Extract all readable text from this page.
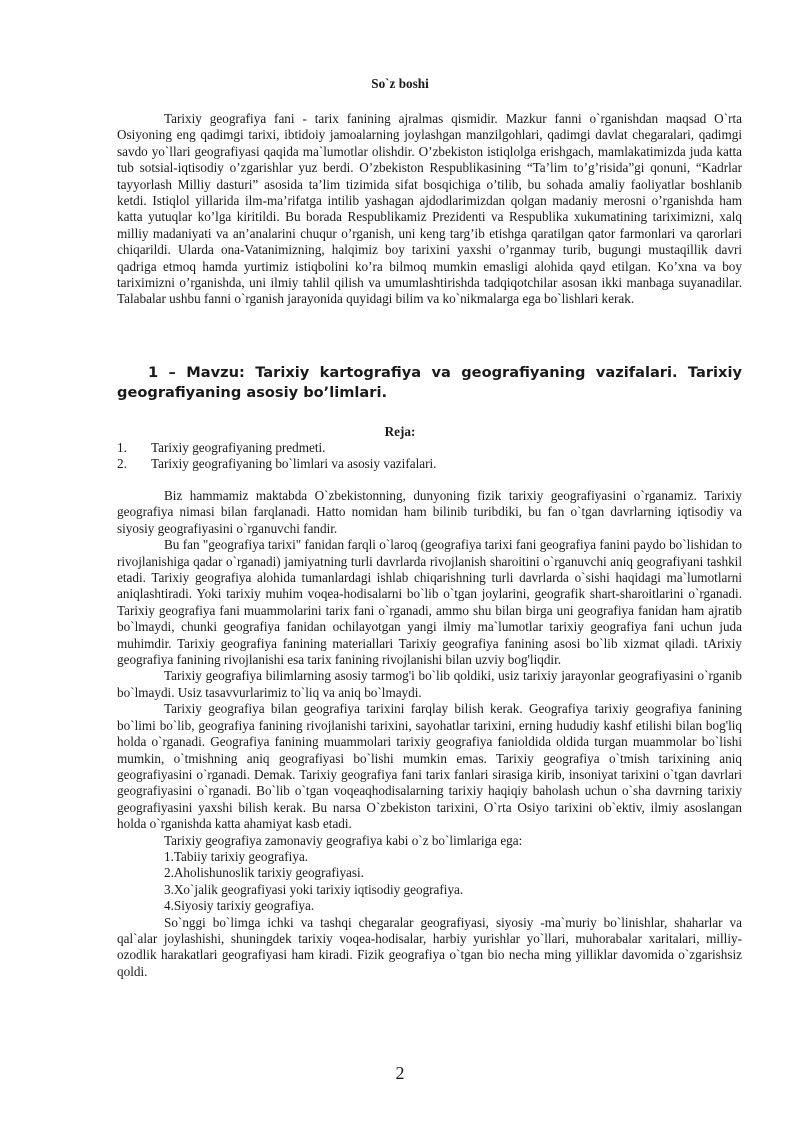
So`z boshi

Tarixiy geografiya fani - tarix fanining ajralmas qismidir. Mazkur fanni o`rganishdan maqsad O`rta Osiyoning eng qadimgi tarixi, ibtidoiy jamoalarning joylashgan manzilgohlari, qadimgi davlat chegaralari, qadimgi savdo yo`llari geografiyasi qaqida ma`lumotlar olishdir. O’zbekiston istiqlolga erishgach, mamlakatimizda juda katta tub sotsial-iqtisodiy o’zgarishlar yuz berdi. O’zbekiston Respublikasining “Ta’lim to’g’risida”gi qonuni, “Kadrlar tayyorlash Milliy dasturi” asosida ta’lim tizimida sifat bosqichiga o’tilib, bu sohada amaliy faoliyatlar boshlanib ketdi. Istiqlol yillarida ilm-ma’rifatga intilib yashagan ajdodlarimizdan qolgan madaniy merosni o’rganishda ham katta yutuqlar ko’lga kiritildi. Bu borada Respublikamiz Prezidenti va Respublika xukumatining tariximizni, xalq milliy madaniyati va an’analarini chuqur o’rganish, uni keng targ’ib etishga qaratilgan qator farmonlari va qarorlari chiqarildi. Ularda ona-Vatanimizning, halqimiz boy tarixini yaxshi o’rganmay turib, bugungi mustaqillik davri qadriga etmoq hamda yurtimiz istiqbolini ko’ra bilmoq mumkin emasligi alohida qayd etilgan. Ko’xna va boy tariximizni o’rganishda, uni ilmiy tahlil qilish va umumlashtirishda tadqiqotchilar asosan ikki manbaga suyanadilar. Talabalar ushbu fanni o`rganish jarayonida quyidagi bilim va ko`nikmalarga ega bo`lishlari kerak.

1 – Mavzu: Tarixiy kartografiya va geografiyaning vazifalari. Tarixiy geografiyaning asosiy bo’limlari.
Reja:
1.	Tarixiy geografiyaning predmeti.
2.	Tarixiy geografiyaning bo`limlari va asosiy vazifalari.

Biz hammamiz maktabda O`zbekistonning, dunyoning fizik tarixiy geografiyasini o`rganamiz. Tarixiy geografiya nimasi bilan farqlanadi. Hatto nomidan ham bilinib turibdiki, bu fan o`tgan davrlarning iqtisodiy va siyosiy geografiyasini o`rganuvchi fandir.

Bu fan "geografiya tarixi" fanidan farqli o`laroq (geografiya tarixi fani geografiya fanini paydo bo`lishidan to rivojlanishiga qadar o`rganadi) jamiyatning turli davrlarda rivojlanish sharoitini o`rganuvchi aniq geografiyani tashkil etadi. Tarixiy geografiya alohida tumanlardagi ishlab chiqarishning turli davrlarda o`sishi haqidagi ma`lumotlarni aniqlashtiradi. Yoki tarixiy muhim voqea-hodisalarni bo`lib o`tgan joylarini, geografik shart-sharoitlarini o`rganadi. Tarixiy geografiya fani muammolarini tarix fani o`rganadi, ammo shu bilan birga uni geografiya fanidan ham ajratib bo`lmaydi, chunki geografiya fanidan ochilayotgan yangi ilmiy ma`lumotlar tarixiy geografiya fani uchun juda muhimdir. Tarixiy geografiya fanining materiallari Tarixiy geografiya fanining asosi bo`lib xizmat qiladi. tArixiy geografiya fanining rivojlanishi esa tarix fanining rivojlanishi bilan uzviy bog'liqdir.

Tarixiy geografiya bilimlarning asosiy tarmog'i bo`lib qoldiki, usiz tarixiy jarayonlar geografiyasini o`rganib bo`lmaydi. Usiz tasavvurlarimiz to`liq va aniq bo`lmaydi.

Tarixiy geografiya bilan geografiya tarixini farqlay bilish kerak. Geografiya tarixiy geografiya fanining bo`limi bo`lib, geografiya fanining rivojlanishi tarixini, sayohatlar tarixini, erning hududiy kashf etilishi bilan bog'liq holda o`rganadi. Geografiya fanining muammolari tarixiy geografiya fanioldida oldida turgan muammolar bo`lishi mumkin, o`tmishning aniq geografiyasi bo`lishi mumkin emas. Tarixiy geografiya o`tmish tarixining aniq geografiyasini o`rganadi. Demak. Tarixiy geografiya fani tarix fanlari sirasiga kirib, insoniyat tarixini o`tgan davrlari geografiyasini o`rganadi. Bo`lib o`tgan voqeaqhodisalarning tarixiy haqiqiy baholash uchun o`sha davrning tarixiy geografiyasini yaxshi bilish kerak. Bu narsa O`zbekiston tarixini, O`rta Osiyo tarixini ob`ektiv, ilmiy asoslangan holda o`rganishda katta ahamiyat kasb etadi.

Tarixiy geografiya zamonaviy geografiya kabi o`z bo`limlariga ega:

1.Tabiiy tarixiy geografiya.

2.Aholishunoslik tarixiy geografiyasi.

3.Xo`jalik geografiyasi yoki tarixiy iqtisodiy geografiya.

4.Siyosiy tarixiy geografiya.

So`nggi bo`limga ichki va tashqi chegaralar geografiyasi, siyosiy -ma`muriy bo`linishlar, shaharlar va qal`alar joylashishi, shuningdek tarixiy voqea-hodisalar, harbiy yurishlar yo`llari, muhorabalar xaritalari, milliy-ozodlik harakatlari geografiyasi ham kiradi. Fizik geografiya o`tgan bio necha ming yilliklar davomida o`zgarishsiz qoldi.

2
